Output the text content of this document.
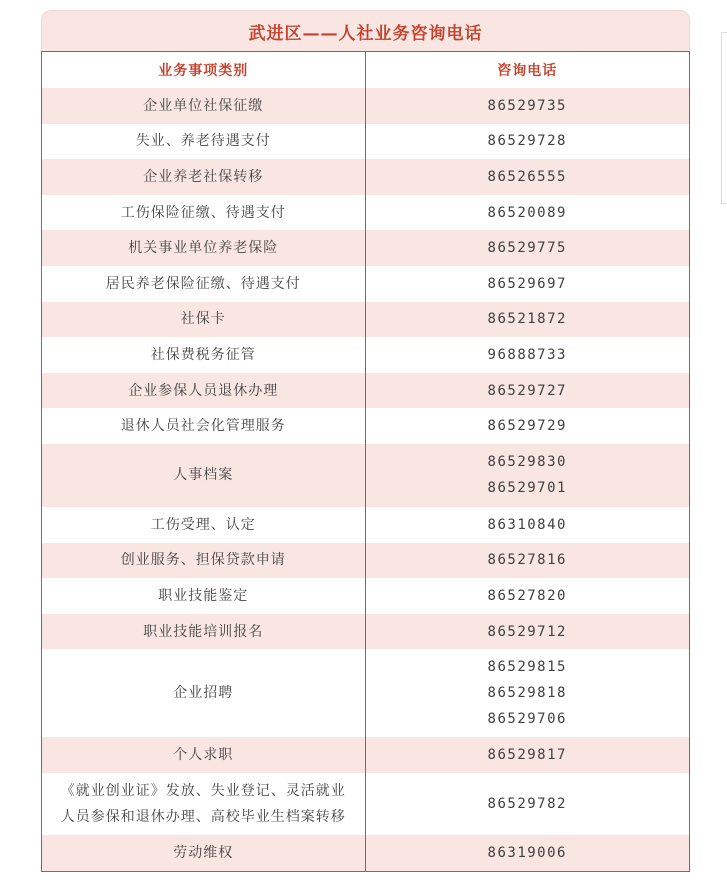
武进区——人社业务咨询电话
业务事项类别	咨询电话
企业单位社保征缴	86529735

失业、养老待遇支付	86529728

企业养老社保转移	86526555

工伤保险征缴、待遇支付	86520089

机关事业单位养老保险	86529775

居民养老保险征缴、待遇支付	86529697

社保卡	86521872

社保费税务征管	96888733

企业参保人员退休办理	86529727

退休人员社会化管理服务	86529729

人事档案	86529830
86529701

工伤受理、认定	86310840

创业服务、担保贷款申请	86527816

职业技能鉴定	86527820

职业技能培训报名	86529712

企业招聘	86529815
86529818
86529706

个人求职	86529817

《就业创业证》发放、失业登记、灵活就业
人员参保和退休办理、高校毕业生档案转移	86529782

劳动维权	86319006
